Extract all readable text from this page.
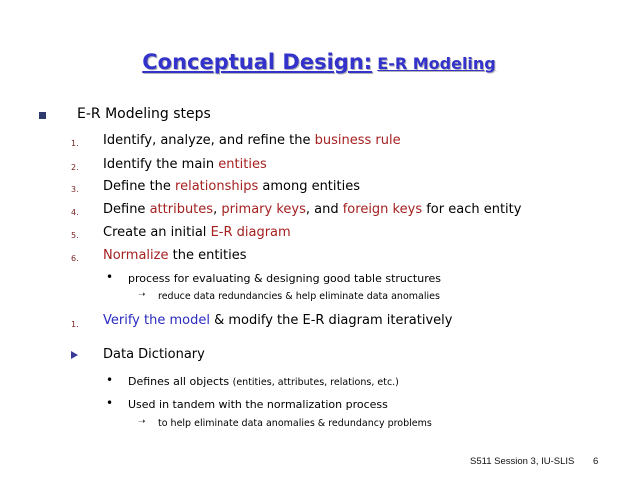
Conceptual Design: E-R Modeling
E-R Modeling steps
1. Identify, analyze, and refine the business rule
2. Identify the main entities
3. Define the relationships among entities
4. Define attributes, primary keys, and foreign keys for each entity
5. Create an initial E-R diagram
6. Normalize the entities
• process for evaluating & designing good table structures
➝ reduce data redundancies & help eliminate data anomalies
1. Verify the model & modify the E-R diagram iteratively
Data Dictionary
• Defines all objects (entities, attributes, relations, etc.)
• Used in tandem with the normalization process
➝ to help eliminate data anomalies & redundancy problems
S511 Session 3, IU-SLIS 6
